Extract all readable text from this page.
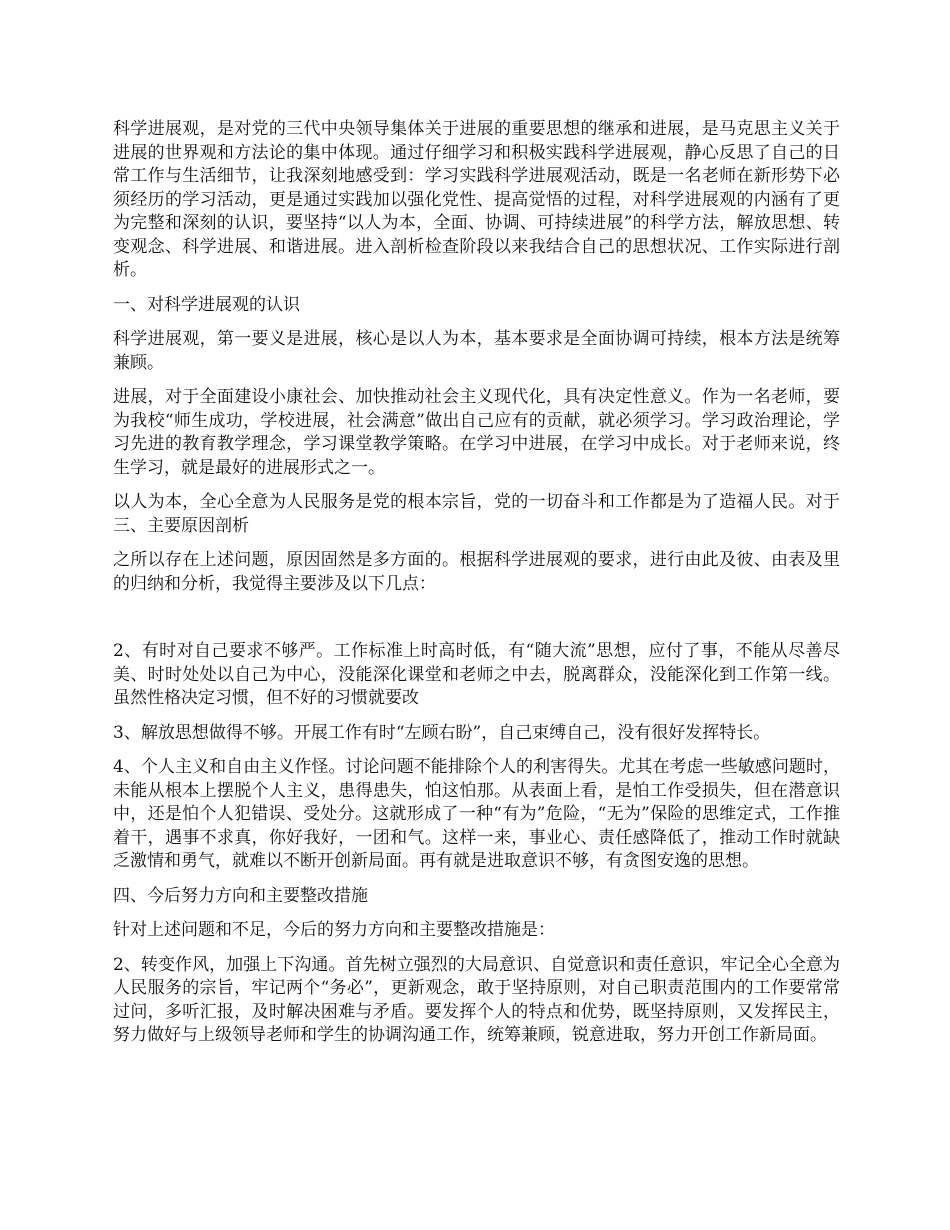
科学进展观，是对党的三代中央领导集体关于进展的重要思想的继承和进展，是马克思主义关于进展的世界观和方法论的集中体现。通过仔细学习和积极实践科学进展观，静心反思了自己的日常工作与生活细节，让我深刻地感受到：学习实践科学进展观活动，既是一名老师在新形势下必须经历的学习活动，更是通过实践加以强化党性、提高觉悟的过程，对科学进展观的内涵有了更为完整和深刻的认识，要坚持“以人为本，全面、协调、可持续进展”的科学方法，解放思想、转变观念、科学进展、和谐进展。进入剖析检查阶段以来我结合自己的思想状况、工作实际进行剖析。

一、对科学进展观的认识

科学进展观，第一要义是进展，核心是以人为本，基本要求是全面协调可持续，根本方法是统筹兼顾。

进展，对于全面建设小康社会、加快推动社会主义现代化，具有决定性意义。作为一名老师，要为我校“师生成功，学校进展，社会满意”做出自己应有的贡献，就必须学习。学习政治理论，学习先进的教育教学理念，学习课堂教学策略。在学习中进展，在学习中成长。对于老师来说，终生学习，就是最好的进展形式之一。

以人为本，全心全意为人民服务是党的根本宗旨，党的一切奋斗和工作都是为了造福人民。对于 三、主要原因剖析

之所以存在上述问题，原因固然是多方面的。根据科学进展观的要求，进行由此及彼、由表及里的归纳和分析，我觉得主要涉及以下几点：

2、有时对自己要求不够严。工作标准上时高时低，有“随大流”思想，应付了事，不能从尽善尽美、时时处处以自己为中心，没能深化课堂和老师之中去，脱离群众，没能深化到工作第一线。虽然性格决定习惯，但不好的习惯就要改

3、解放思想做得不够。开展工作有时“左顾右盼”，自己束缚自己，没有很好发挥特长。

4、个人主义和自由主义作怪。讨论问题不能排除个人的利害得失。尤其在考虑一些敏感问题时，未能从根本上摆脱个人主义，患得患失，怕这怕那。从表面上看，是怕工作受损失，但在潜意识中，还是怕个人犯错误、受处分。这就形成了一种“有为”危险，“无为”保险的思维定式，工作推着干，遇事不求真，你好我好，一团和气。这样一来，事业心、责任感降低了，推动工作时就缺乏激情和勇气，就难以不断开创新局面。再有就是进取意识不够，有贪图安逸的思想。

四、今后努力方向和主要整改措施

针对上述问题和不足，今后的努力方向和主要整改措施是：

2、转变作风，加强上下沟通。首先树立强烈的大局意识、自觉意识和责任意识，牢记全心全意为人民服务的宗旨，牢记两个“务必”，更新观念，敢于坚持原则，对自己职责范围内的工作要常常过问，多听汇报，及时解决困难与矛盾。要发挥个人的特点和优势，既坚持原则，又发挥民主，努力做好与上级领导老师和学生的协调沟通工作，统筹兼顾，锐意进取，努力开创工作新局面。
